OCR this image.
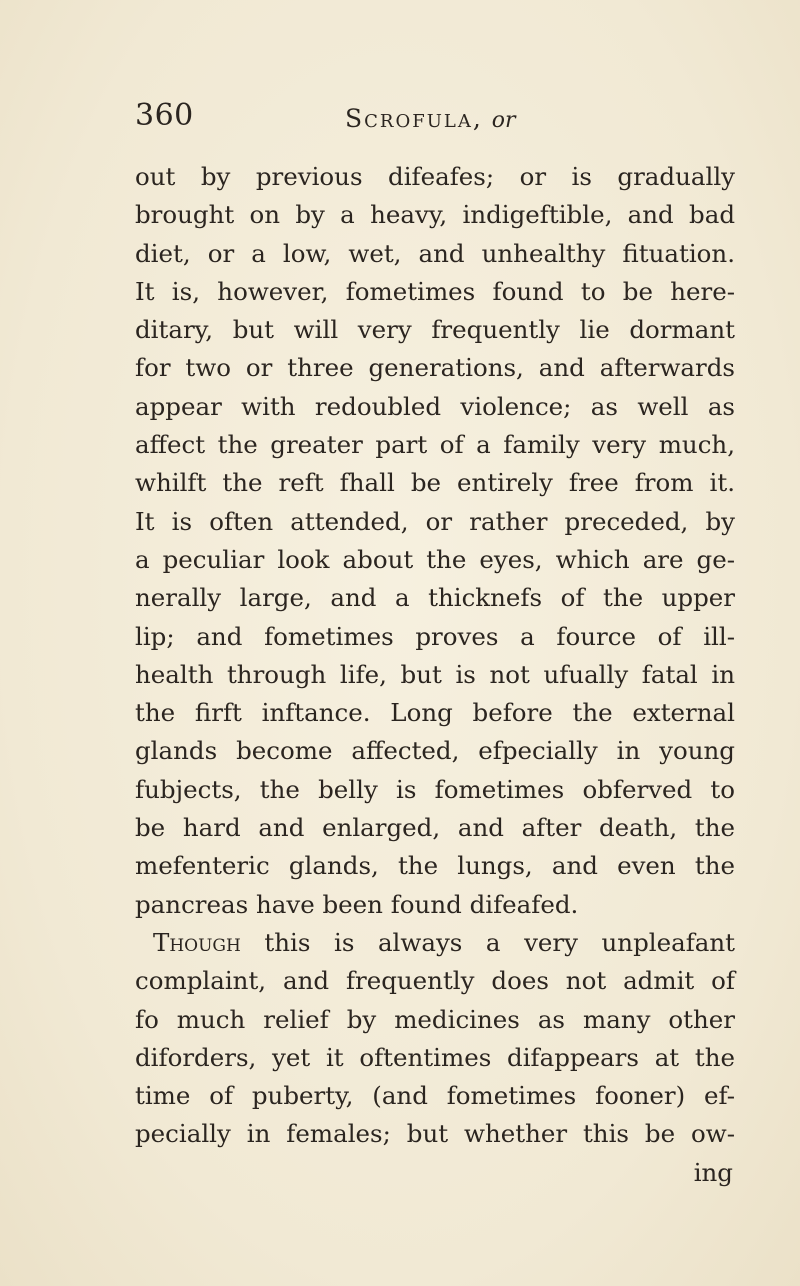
360	Scrofula, or
out by previous difeafes; or is gradually
brought on by a heavy, indigeftible, and bad
diet, or a low, wet, and unhealthy fituation.
It is, however, fometimes found to be here-
ditary, but will very frequently lie dormant
for two or three generations, and afterwards
appear with redoubled violence; as well as
affect the greater part of a family very much,
whilft the reft fhall be entirely free from it.
It is often attended, or rather preceded, by
a peculiar look about the eyes, which are ge-
nerally large, and a thicknefs of the upper
lip; and fometimes proves a fource of ill-
health through life, but is not ufually fatal in
the firft inftance. Long before the external
glands become affected, efpecially in young
fubjects, the belly is fometimes obferved to
be hard and enlarged, and after death, the
mefenteric glands, the lungs, and even the
pancreas have been found difeafed.
Though this is always a very unpleafant
complaint, and frequently does not admit of
fo much relief by medicines as many other
diforders, yet it oftentimes difappears at the
time of puberty, (and fometimes fooner) ef-
pecially in females; but whether this be ow-
ing
